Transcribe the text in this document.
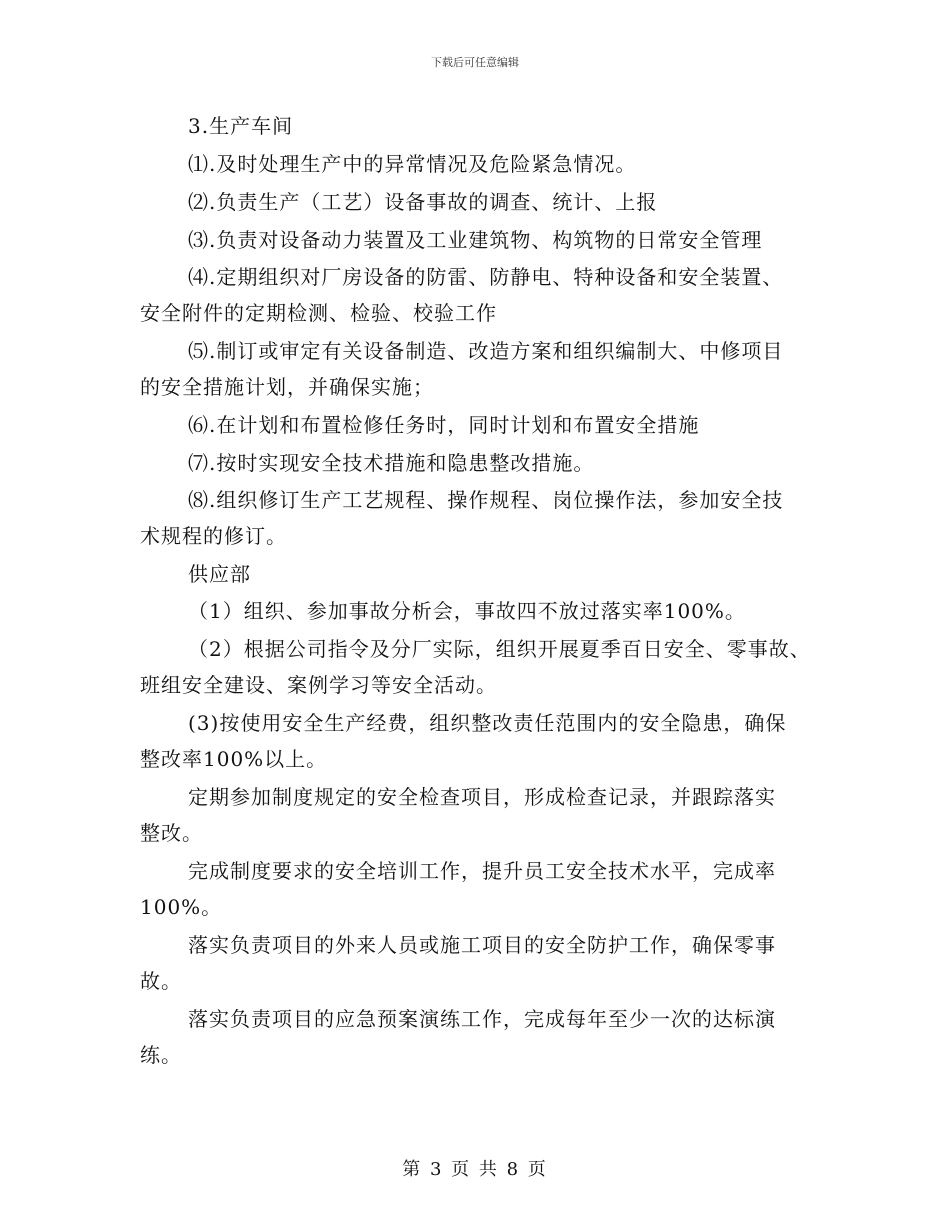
下载后可任意编辑
3.生产车间
⑴.及时处理生产中的异常情况及危险紧急情况。
⑵.负责生产（工艺）设备事故的调查、统计、上报
⑶.负责对设备动力装置及工业建筑物、构筑物的日常安全管理
⑷.定期组织对厂房设备的防雷、防静电、特种设备和安全装置、
安全附件的定期检测、检验、校验工作
⑸.制订或审定有关设备制造、改造方案和组织编制大、中修项目
的安全措施计划，并确保实施；
⑹.在计划和布置检修任务时，同时计划和布置安全措施
⑺.按时实现安全技术措施和隐患整改措施。
⑻.组织修订生产工艺规程、操作规程、岗位操作法，参加安全技
术规程的修订。
供应部
（1）组织、参加事故分析会，事故四不放过落实率100%。
（2）根据公司指令及分厂实际，组织开展夏季百日安全、零事故、
班组安全建设、案例学习等安全活动。
(3)按使用安全生产经费，组织整改责任范围内的安全隐患，确保
整改率100%以上。
定期参加制度规定的安全检查项目，形成检查记录，并跟踪落实
整改。
完成制度要求的安全培训工作，提升员工安全技术水平，完成率
100%。
落实负责项目的外来人员或施工项目的安全防护工作，确保零事
故。
落实负责项目的应急预案演练工作，完成每年至少一次的达标演
练。
第 3 页 共 8 页
